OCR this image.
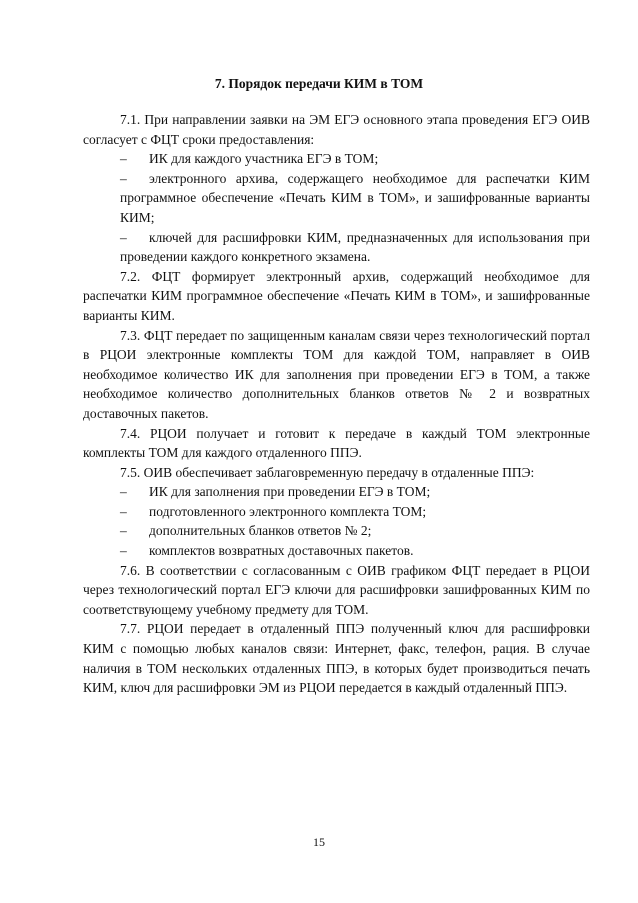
7. Порядок передачи КИМ в ТОМ

7.1. При направлении заявки на ЭМ ЕГЭ основного этапа проведения ЕГЭ ОИВ согласует с ФЦТ сроки предоставления:

– ИК для каждого участника ЕГЭ в ТОМ;

– электронного архива, содержащего необходимое для распечатки КИМ программное обеспечение «Печать КИМ в ТОМ», и зашифрованные варианты КИМ;

– ключей для расшифровки КИМ, предназначенных для использования при проведении каждого конкретного экзамена.

7.2. ФЦТ формирует электронный архив, содержащий необходимое для распечатки КИМ программное обеспечение «Печать КИМ в ТОМ», и зашифрованные варианты КИМ.

7.3. ФЦТ передает по защищенным каналам связи через технологический портал в РЦОИ электронные комплекты ТОМ для каждой ТОМ, направляет в ОИВ необходимое количество ИК для заполнения при проведении ЕГЭ в ТОМ, а также необходимое количество дополнительных бланков ответов № 2 и возвратных доставочных пакетов.

7.4. РЦОИ получает и готовит к передаче в каждый ТОМ электронные комплекты ТОМ для каждого отдаленного ППЭ.

7.5. ОИВ обеспечивает заблаговременную передачу в отдаленные ППЭ:

– ИК для заполнения при проведении ЕГЭ в ТОМ;

– подготовленного электронного комплекта ТОМ;

– дополнительных бланков ответов № 2;

– комплектов возвратных доставочных пакетов.

7.6. В соответствии с согласованным с ОИВ графиком ФЦТ передает в РЦОИ через технологический портал ЕГЭ ключи для расшифровки зашифрованных КИМ по соответствующему учебному предмету для ТОМ.

7.7. РЦОИ передает в отдаленный ППЭ полученный ключ для расшифровки КИМ с помощью любых каналов связи: Интернет, факс, телефон, рация. В случае наличия в ТОМ нескольких отдаленных ППЭ, в которых будет производиться печать КИМ, ключ для расшифровки ЭМ из РЦОИ передается в каждый отдаленный ППЭ.

15
